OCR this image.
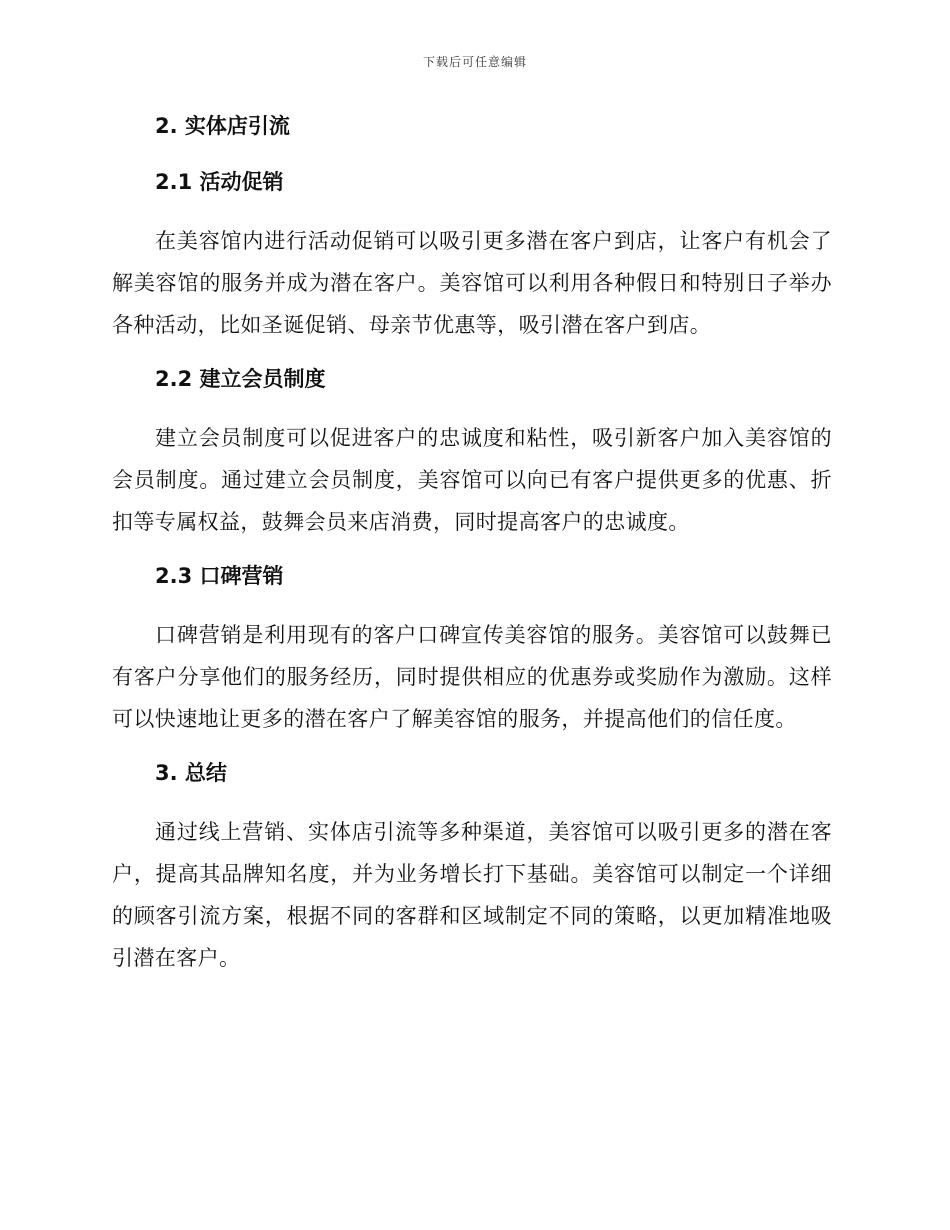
下载后可任意编辑
2. 实体店引流
2.1 活动促销

在美容馆内进行活动促销可以吸引更多潜在客户到店，让客户有机会了解美容馆的服务并成为潜在客户。美容馆可以利用各种假日和特别日子举办各种活动，比如圣诞促销、母亲节优惠等，吸引潜在客户到店。

2.2 建立会员制度

建立会员制度可以促进客户的忠诚度和粘性，吸引新客户加入美容馆的会员制度。通过建立会员制度，美容馆可以向已有客户提供更多的优惠、折扣等专属权益，鼓舞会员来店消费，同时提高客户的忠诚度。

2.3 口碑营销

口碑营销是利用现有的客户口碑宣传美容馆的服务。美容馆可以鼓舞已有客户分享他们的服务经历，同时提供相应的优惠券或奖励作为激励。这样可以快速地让更多的潜在客户了解美容馆的服务，并提高他们的信任度。

3. 总结

通过线上营销、实体店引流等多种渠道，美容馆可以吸引更多的潜在客户，提高其品牌知名度，并为业务增长打下基础。美容馆可以制定一个详细的顾客引流方案，根据不同的客群和区域制定不同的策略，以更加精准地吸引潜在客户。
